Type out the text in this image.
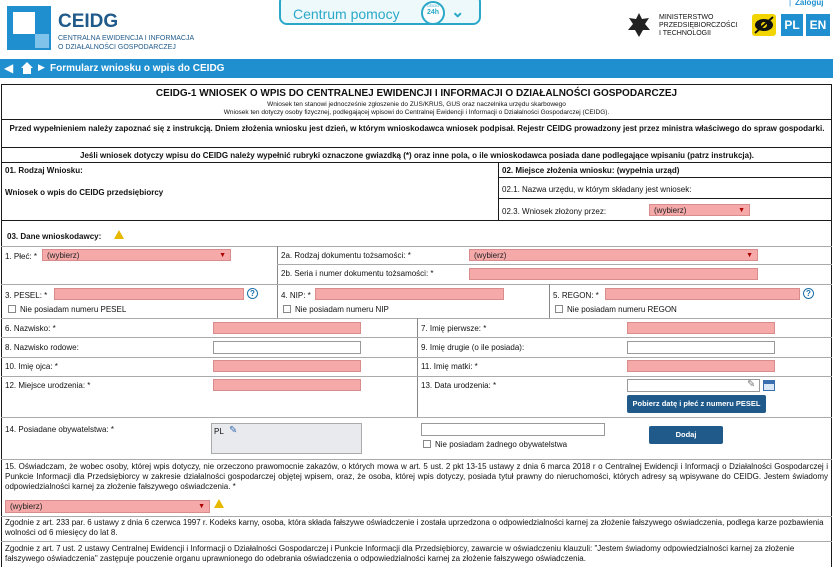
CEIDG
CENTRALNA EWIDENCJA I INFORMACJA
O DZIAŁALNOŚCI GOSPODARCZEJ
Centrum pomocy
CEIDG
24h ⌄	MINISTERSTWO
PRZEDSIĘBIORCZOŚCI
I TECHNOLOGII
PL EN
| Zaloguj
◀	▶ Formularz wniosku o wpis do CEIDG
CEIDG-1 WNIOSEK O WPIS DO CENTRALNEJ EWIDENCJI I INFORMACJI O DZIAŁALNOŚCI GOSPODARCZEJ
Wniosek ten stanowi jednocześnie zgłoszenie do ZUS/KRUS, GUS oraz naczelnika urzędu skarbowego
Wniosek ten dotyczy osoby fizycznej, podlegającej wpisowi do Centralnej Ewidencji i Informacji o Działalności Gospodarczej (CEIDG).
Przed wypełnieniem należy zapoznać się z instrukcją. Dniem złożenia wniosku jest dzień, w którym wnioskodawca wniosek podpisał. Rejestr CEIDG prowadzony jest przez ministra właściwego do spraw gospodarki.
Jeśli wniosek dotyczy wpisu do CEIDG należy wypełnić rubryki oznaczone gwiazdką (*) oraz inne pola, o ile wnioskodawca posiada dane podlegające wpisaniu (patrz instrukcja).
01. Rodzaj Wniosku:
Wniosek o wpis do CEIDG przedsiębiorcy
02. Miejsce złożenia wniosku: (wypełnia urząd)
02.1. Nazwa urzędu, w którym składany jest wniosek:
02.3. Wniosek złożony przez:	(wybierz)	▼
03. Dane wnioskodawcy:
1. Płeć: *	(wybierz)	▼	2a. Rodzaj dokumentu tożsamości: *	(wybierz)	▼
2b. Seria i numer dokumentu tożsamości: *
3. PESEL: *	?
Nie posiadam numeru PESEL
4. NIP: *
Nie posiadam numeru NIP
5. REGON: *	?
Nie posiadam numeru REGON
6. Nazwisko: *	7. Imię pierwsze: *
8. Nazwisko rodowe:	9. Imię drugie (o ile posiada):
10. Imię ojca: *	11. Imię matki: *
12. Miejsce urodzenia: *	13. Data urodzenia: *	✎
Pobierz datę i płeć z numeru PESEL
14. Posiadane obywatelstwa: *	PL ✎
Nie posiadam żadnego obywatelstwa
Dodaj
15. Oświadczam, że wobec osoby, której wpis dotyczy, nie orzeczono prawomocnie zakazów, o których mowa w art. 5 ust. 2 pkt 13-15 ustawy z dnia 6 marca 2018 r o Centralnej Ewidencji i Informacji o Działalności Gospodarczej i Punkcie Informacji dla Przedsiębiorcy w zakresie działalności gospodarczej objętej wpisem, oraz, że osoba, której wpis dotyczy, posiada tytuł prawny do nieruchomości, których adresy są wpisywane do CEIDG. Jestem świadomy odpowiedzialności karnej za złożenie fałszywego oświadczenia. *
(wybierz)	▼
Zgodnie z art. 233 par. 6 ustawy z dnia 6 czerwca 1997 r. Kodeks karny, osoba, która składa fałszywe oświadczenie i została uprzedzona o odpowiedzialności karnej za złożenie fałszywego oświadczenia, podlega karze pozbawienia wolności od 6 miesięcy do lat 8.
Zgodnie z art. 7 ust. 2 ustawy Centralnej Ewidencji i Informacji o Działalności Gospodarczej i Punkcie Informacji dla Przedsiębiorcy, zawarcie w oświadczeniu klauzuli: "Jestem świadomy odpowiedzialności karnej za złożenie fałszywego oświadczenia" zastępuje pouczenie organu uprawnionego do odebrania oświadczenia o odpowiedzialności karnej za złożenie fałszywego oświadczenia.
